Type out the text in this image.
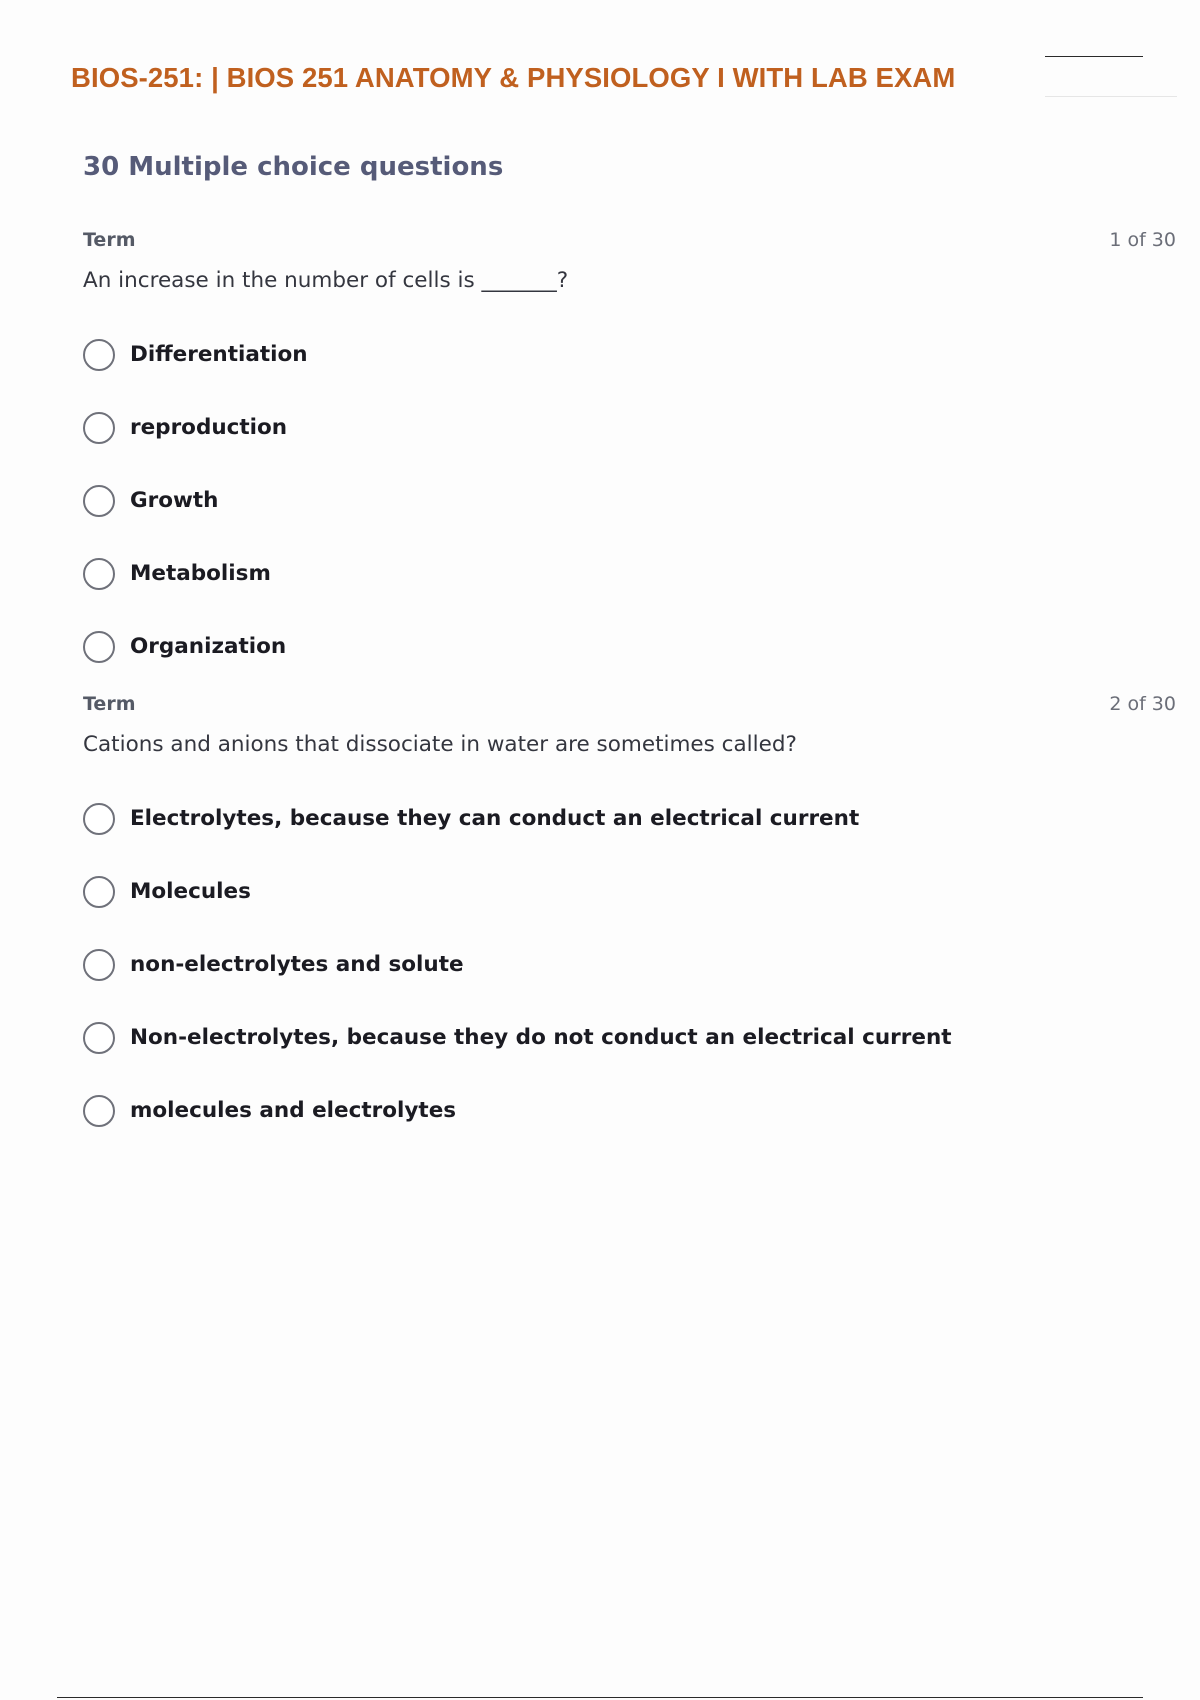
BIOS-251: | BIOS 251 ANATOMY & PHYSIOLOGY I WITH LAB EXAM
30 Multiple choice questions
Term	1 of 30
An increase in the number of cells is _______?
Differentiation
reproduction
Growth
Metabolism
Organization
Term	2 of 30
Cations and anions that dissociate in water are sometimes called?
Electrolytes, because they can conduct an electrical current
Molecules
non-electrolytes and solute
Non-electrolytes, because they do not conduct an electrical current
molecules and electrolytes
